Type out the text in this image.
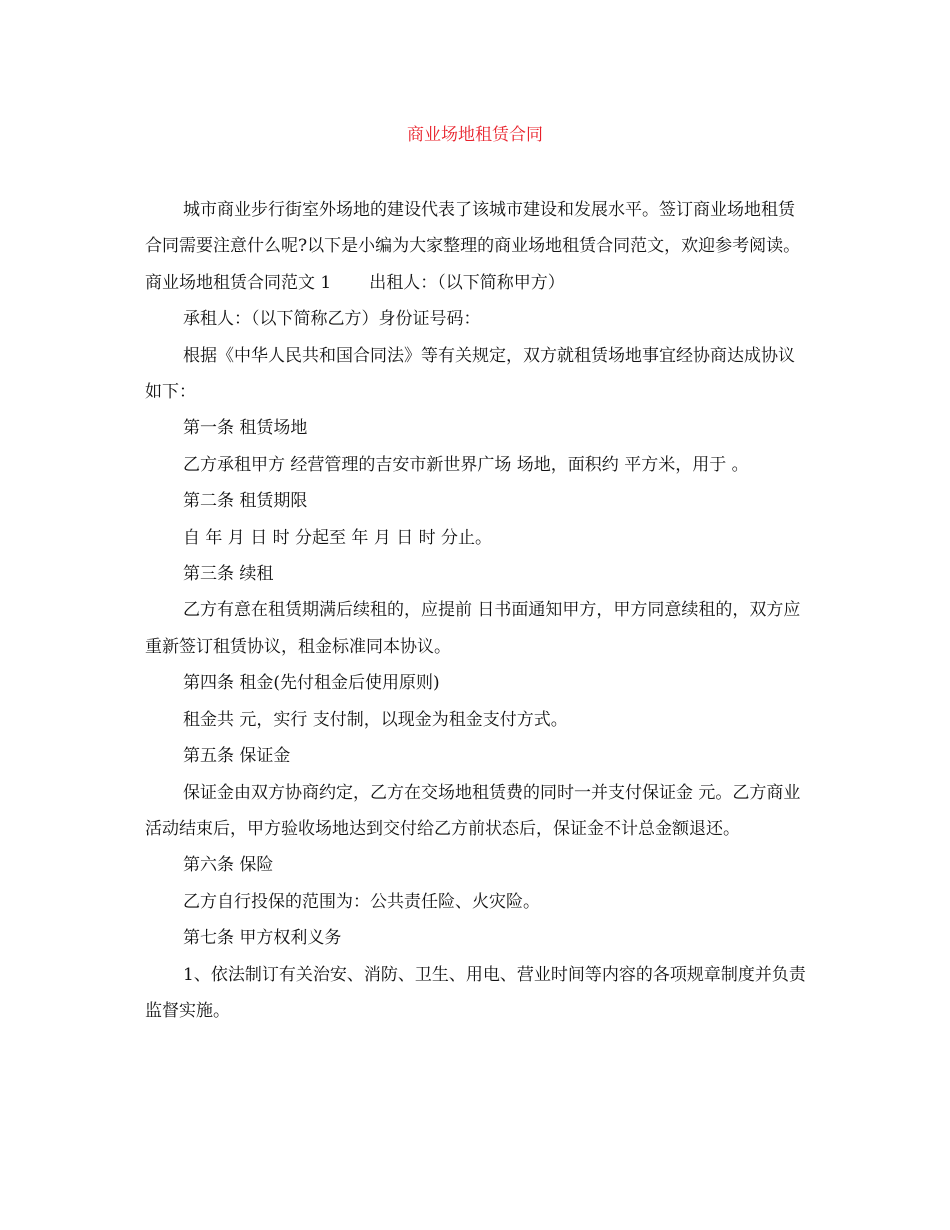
商业场地租赁合同

城市商业步行街室外场地的建设代表了该城市建设和发展水平。签订商业场地租赁合同需要注意什么呢?以下是小编为大家整理的商业场地租赁合同范文，欢迎参考阅读。

商业场地租赁合同范文 1 出租人：（以下简称甲方）

承租人：（以下简称乙方）身份证号码：

根据《中华人民共和国合同法》等有关规定，双方就租赁场地事宜经协商达成协议如下：

第一条 租赁场地

乙方承租甲方 经营管理的吉安市新世界广场 场地，面积约 平方米，用于 。

第二条 租赁期限

自 年 月 日 时 分起至 年 月 日 时 分止。

第三条 续租

乙方有意在租赁期满后续租的，应提前 日书面通知甲方，甲方同意续租的，双方应重新签订租赁协议，租金标准同本协议。

第四条 租金(先付租金后使用原则)

租金共 元，实行 支付制，以现金为租金支付方式。

第五条 保证金

保证金由双方协商约定，乙方在交场地租赁费的同时一并支付保证金 元。乙方商业活动结束后，甲方验收场地达到交付给乙方前状态后，保证金不计总金额退还。

第六条 保险

乙方自行投保的范围为：公共责任险、火灾险。

第七条 甲方权利义务

1、依法制订有关治安、消防、卫生、用电、营业时间等内容的各项规章制度并负责监督实施。
